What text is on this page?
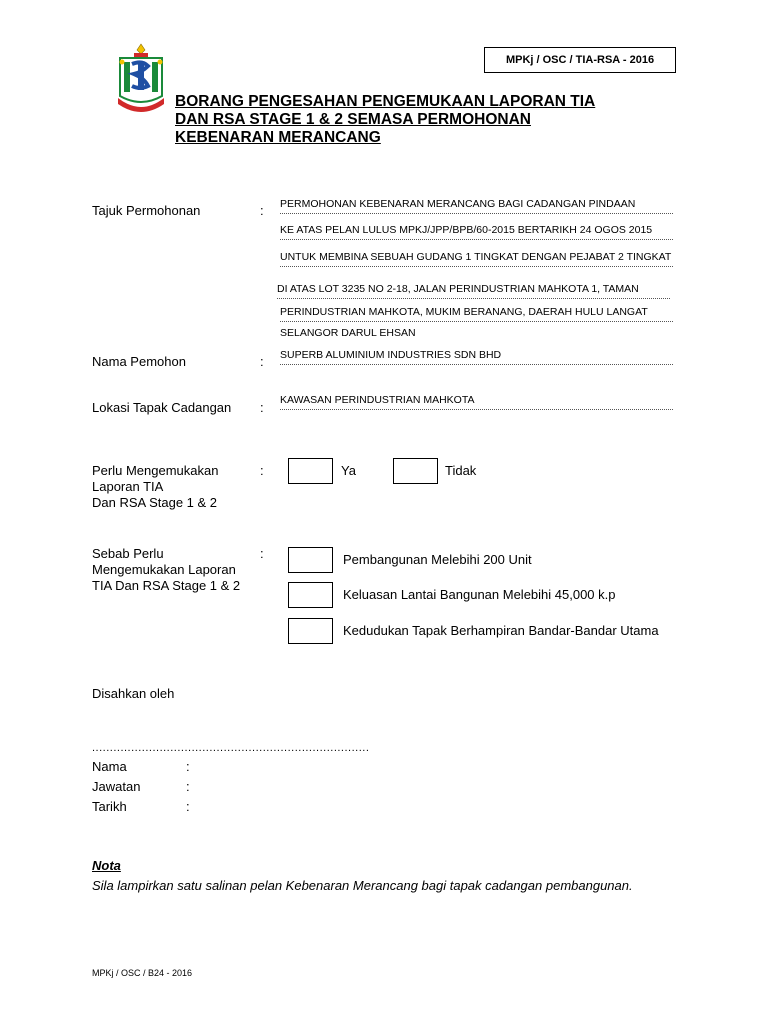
MPKj / OSC / TIA-RSA - 2016
BORANG PENGESAHAN PENGEMUKAAN LAPORAN TIA
DAN RSA STAGE 1 & 2 SEMASA PERMOHONAN
KEBENARAN MERANCANG
Tajuk Permohonan	: PERMOHONAN KEBENARAN MERANCANG BAGI CADANGAN PINDAAN
KE ATAS PELAN LULUS MPKJ/JPP/BPB/60-2015 BERTARIKH 24 OGOS 2015
UNTUK MEMBINA SEBUAH GUDANG 1 TINGKAT DENGAN PEJABAT 2 TINGKAT
DI ATAS LOT 3235 NO 2-18, JALAN PERINDUSTRIAN MAHKOTA 1, TAMAN
PERINDUSTRIAN MAHKOTA, MUKIM BERANANG, DAERAH HULU LANGAT
SELANGOR DARUL EHSAN
Nama Pemohon	: SUPERB ALUMINIUM INDUSTRIES SDN BHD
Lokasi Tapak Cadangan : KAWASAN PERINDUSTRIAN MAHKOTA
Perlu Mengemukakan
Laporan TIA
Dan RSA Stage 1 & 2
:	Ya	Tidak
Sebab Perlu
Mengemukakan Laporan
TIA Dan RSA Stage 1 & 2
:	Pembangunan Melebihi 200 Unit
Keluasan Lantai Bangunan Melebihi 45,000 k.p
Kedudukan Tapak Berhampiran Bandar-Bandar Utama
Disahkan oleh
..............................................................................
Nama	:
Jawatan	:
Tarikh	:
Nota
Sila lampirkan satu salinan pelan Kebenaran Merancang bagi tapak cadangan pembangunan.
MPKj / OSC / B24 - 2016
